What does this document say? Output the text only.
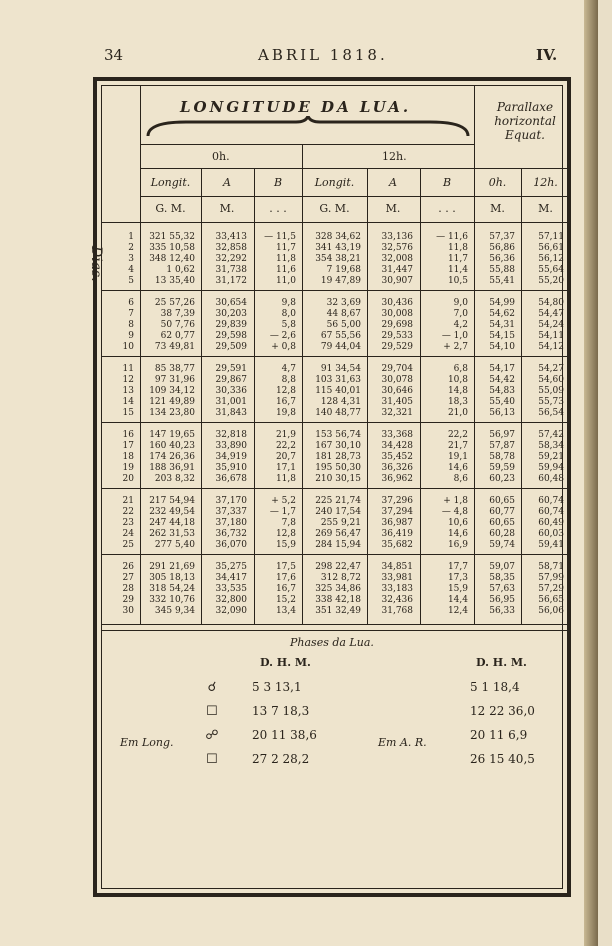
34	ABRIL 1818.	IV.
Dias.
LONGITUDE DA LUA.	Parallaxe
horizontal
Equat.
0h.	12h.
Longit.	A	B	Longit.	A	B	0h.	12h.
G. M.	M.	. . .	G. M.	M.	. . .	M.	M.
1	321 55,32	33,413	— 11,5	328 34,62	33,136	— 11,6	57,37	57,11
2	335 10,58	32,858	11,7	341 43,19	32,576	11,8	56,86	56,61
3	348 12,40	32,292	11,8	354 38,21	32,008	11,7	56,36	56,12
4	1 0,62	31,738	11,6	7 19,68	31,447	11,4	55,88	55,64
5	13 35,40	31,172	11,0	19 47,89	30,907	10,5	55,41	55,20
6	25 57,26	30,654	9,8	32 3,69	30,436	9,0	54,99	54,80
7	38 7,39	30,203	8,0	44 8,67	30,008	7,0	54,62	54,47
8	50 7,76	29,839	5,8	56 5,00	29,698	4,2	54,31	54,24
9	62 0,77	29,598	— 2,6	67 55,56	29,533	— 1,0	54,15	54,11
10	73 49,81	29,509	+ 0,8	79 44,04	29,529	+ 2,7	54,10	54,12
11	85 38,77	29,591	4,7	91 34,54	29,704	6,8	54,17	54,27
12	97 31,96	29,867	8,8	103 31,63	30,078	10,8	54,42	54,60
13	109 34,12	30,336	12,8	115 40,01	30,646	14,8	54,83	55,09
14	121 49,89	31,001	16,7	128 4,31	31,405	18,3	55,40	55,73
15	134 23,80	31,843	19,8	140 48,77	32,321	21,0	56,13	56,54
16	147 19,65	32,818	21,9	153 56,74	33,368	22,2	56,97	57,42
17	160 40,23	33,890	22,2	167 30,10	34,428	21,7	57,87	58,34
18	174 26,36	34,919	20,7	181 28,73	35,452	19,1	58,78	59,21
19	188 36,91	35,910	17,1	195 50,30	36,326	14,6	59,59	59,94
20	203 8,32	36,678	11,8	210 30,15	36,962	8,6	60,23	60,48
21	217 54,94	37,170	+ 5,2	225 21,74	37,296	+ 1,8	60,65	60,74
22	232 49,54	37,337	— 1,7	240 17,54	37,294	— 4,8	60,77	60,74
23	247 44,18	37,180	7,8	255 9,21	36,987	10,6	60,65	60,49
24	262 31,53	36,732	12,8	269 56,47	36,419	14,6	60,28	60,03
25	277 5,40	36,070	15,9	284 15,94	35,682	16,9	59,74	59,41
26	291 21,69	35,275	17,5	298 22,47	34,851	17,7	59,07	58,71
27	305 18,13	34,417	17,6	312 8,72	33,981	17,3	58,35	57,99
28	318 54,24	33,535	16,7	325 34,86	33,183	15,9	57,63	57,29
29	332 10,76	32,800	15,2	338 42,18	32,436	14,4	56,95	56,65
30	345 9,34	32,090	13,4	351 32,49	31,768	12,4	56,33	56,06
Phases da Lua.
D. H. M.	D. H. M.
Em Long.	Em A. R.
☌	5 3 13,1	5 1 18,4
☐	13 7 18,3	12 22 36,0
☍	20 11 38,6	20 11 6,9
☐	27 2 28,2	26 15 40,5
